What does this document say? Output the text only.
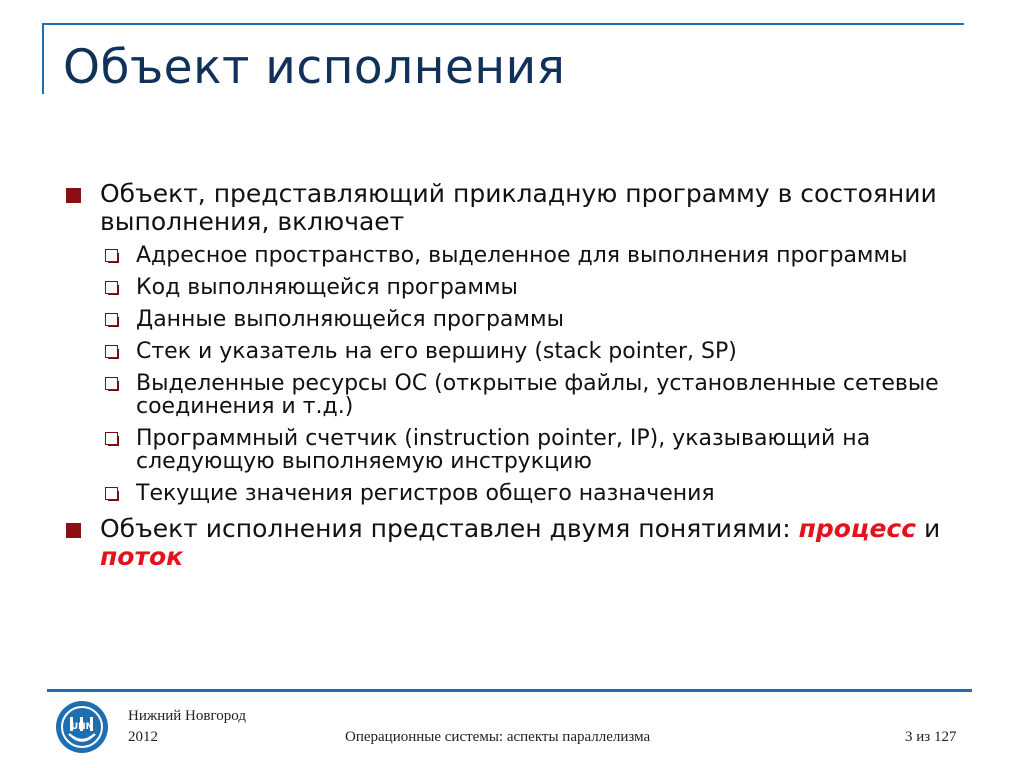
Объект исполнения
Объект, представляющий прикладную программу в состоянии выполнения, включает
Адресное пространство, выделенное для выполнения программы
Код выполняющейся программы
Данные выполняющейся программы
Стек и указатель на его вершину (stack pointer, SP)
Выделенные ресурсы ОС (открытые файлы, установленные сетевые соединения и т.д.)
Программный счетчик (instruction pointer, IP), указывающий на следующую выполняемую инструкцию
Текущие значения регистров общего назначения
Объект исполнения представлен двумя понятиями: процесс и поток
UNN
Нижний Новгород
2012	Операционные системы: аспекты параллелизма	3 из 127
